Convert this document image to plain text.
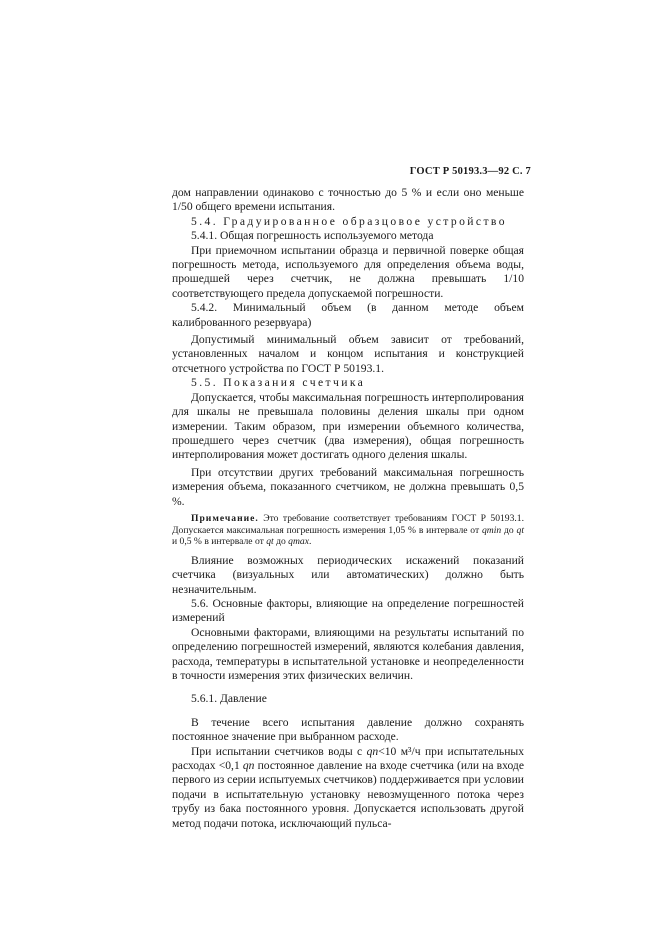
ГОСТ Р 50193.3—92 С. 7

дом направлении одинаково с точностью до 5 % и если оно меньше 1/50 общего времени испытания.

5.4. Градуированное образцовое устройство

5.4.1. Общая погрешность используемого метода

При приемочном испытании образца и первичной поверке общая погрешность метода, используемого для определения объема воды, прошедшей через счетчик, не должна превышать 1/10 соответствующего предела допускаемой погрешности.

5.4.2. Минимальный объем (в данном методе объем калиброванного резервуара)

Допустимый минимальный объем зависит от требований, установленных началом и концом испытания и конструкцией отсчетного устройства по ГОСТ Р 50193.1.

5.5. Показания счетчика

Допускается, чтобы максимальная погрешность интерполирования для шкалы не превышала половины деления шкалы при одном измерении. Таким образом, при измерении объемного количества, прошедшего через счетчик (два измерения), общая погрешность интерполирования может достигать одного деления шкалы.

При отсутствии других требований максимальная погрешность измерения объема, показанного счетчиком, не должна превышать 0,5 %.

Примечание. Это требование соответствует требованиям ГОСТ Р 50193.1. Допускается максимальная погрешность измерения 1,05 % в интервале от qmin до qt и 0,5 % в интервале от qt до qmax.

Влияние возможных периодических искажений показаний счетчика (визуальных или автоматических) должно быть незначительным.

5.6. Основные факторы, влияющие на определение погрешностей измерений

Основными факторами, влияющими на результаты испытаний по определению погрешностей измерений, являются колебания давления, расхода, температуры в испытательной установке и неопределенности в точности измерения этих физических величин.

5.6.1. Давление

В течение всего испытания давление должно сохранять постоянное значение при выбранном расходе.

При испытании счетчиков воды с qn<10 м³/ч при испытательных расходах <0,1 qn постоянное давление на входе счетчика (или на входе первого из серии испытуемых счетчиков) поддерживается при условии подачи в испытательную установку невозмущенного потока через трубу из бака постоянного уровня. Допускается использовать другой метод подачи потока, исключающий пульса-
